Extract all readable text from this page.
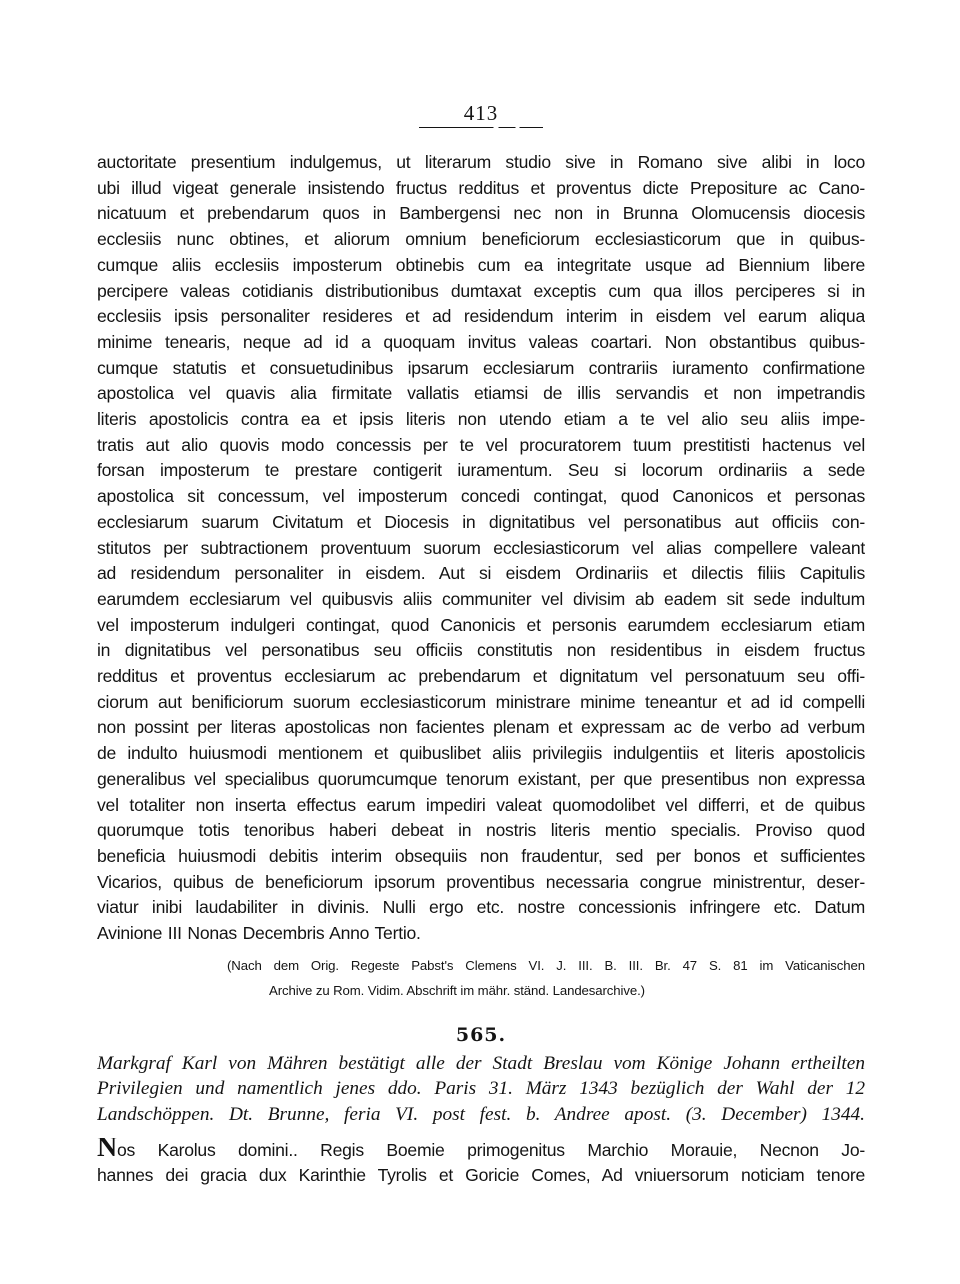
413
auctoritate presentium indulgemus, ut literarum studio sive in Romano sive alibi in loco
ubi illud vigeat generale insistendo fructus redditus et proventus dicte Prepositure ac Cano-
nicatuum et prebendarum quos in Bambergensi nec non in Brunna Olomucensis diocesis
ecclesiis nunc obtines, et aliorum omnium beneficiorum ecclesiasticorum que in quibus-
cumque aliis ecclesiis imposterum obtinebis cum ea integritate usque ad Biennium libere
percipere valeas cotidianis distributionibus dumtaxat exceptis cum qua illos perciperes si in
ecclesiis ipsis personaliter resideres et ad residendum interim in eisdem vel earum aliqua
minime tenearis, neque ad id a quoquam invitus valeas coartari. Non obstantibus quibus-
cumque statutis et consuetudinibus ipsarum ecclesiarum contrariis iuramento confirmatione
apostolica vel quavis alia firmitate vallatis etiamsi de illis servandis et non impetrandis
literis apostolicis contra ea et ipsis literis non utendo etiam a te vel alio seu aliis impe-
tratis aut alio quovis modo concessis per te vel procuratorem tuum prestitisti hactenus vel
forsan imposterum te prestare contigerit iuramentum. Seu si locorum ordinariis a sede
apostolica sit concessum, vel imposterum concedi contingat, quod Canonicos et personas
ecclesiarum suarum Civitatum et Diocesis in dignitatibus vel personatibus aut officiis con-
stitutos per subtractionem proventuum suorum ecclesiasticorum vel alias compellere valeant
ad residendum personaliter in eisdem. Aut si eisdem Ordinariis et dilectis filiis Capitulis
earumdem ecclesiarum vel quibusvis aliis communiter vel divisim ab eadem sit sede indultum
vel imposterum indulgeri contingat, quod Canonicis et personis earumdem ecclesiarum etiam
in dignitatibus vel personatibus seu officiis constitutis non residentibus in eisdem fructus
redditus et proventus ecclesiarum ac prebendarum et dignitatum vel personatuum seu offi-
ciorum aut benificiorum suorum ecclesiasticorum ministrare minime teneantur et ad id compelli
non possint per literas apostolicas non facientes plenam et expressam ac de verbo ad verbum
de indulto huiusmodi mentionem et quibuslibet aliis privilegiis indulgentiis et literis apostolicis
generalibus vel specialibus quorumcumque tenorum existant, per que presentibus non expressa
vel totaliter non inserta effectus earum impediri valeat quomodolibet vel differri, et de quibus
quorumque totis tenoribus haberi debeat in nostris literis mentio specialis. Proviso quod
beneficia huiusmodi debitis interim obsequiis non fraudentur, sed per bonos et sufficientes
Vicarios, quibus de beneficiorum ipsorum proventibus necessaria congrue ministrentur, deser-
viatur inibi laudabiliter in divinis. Nulli ergo etc. nostre concessionis infringere etc. Datum
Avinione III Nonas Decembris Anno Tertio.
(Nach dem Orig. Regeste Pabst's Clemens VI. J. III. B. III. Br. 47 S. 81 im Vaticanischen
Archive zu Rom. Vidim. Abschrift im mähr. ständ. Landesarchive.)
565.
Markgraf Karl von Mähren bestätigt alle der Stadt Breslau vom Könige Johann ertheilten
Privilegien und namentlich jenes ddo. Paris 31. März 1343 bezüglich der Wahl der 12
Landschöppen. Dt. Brunne, feria VI. post fest. b. Andree apost. (3. December) 1344.
Nos Karolus domini.. Regis Boemie primogenitus Marchio Morauie, Necnon Jo-
hannes dei gracia dux Karinthie Tyrolis et Goricie Comes, Ad vniuersorum noticiam tenore
